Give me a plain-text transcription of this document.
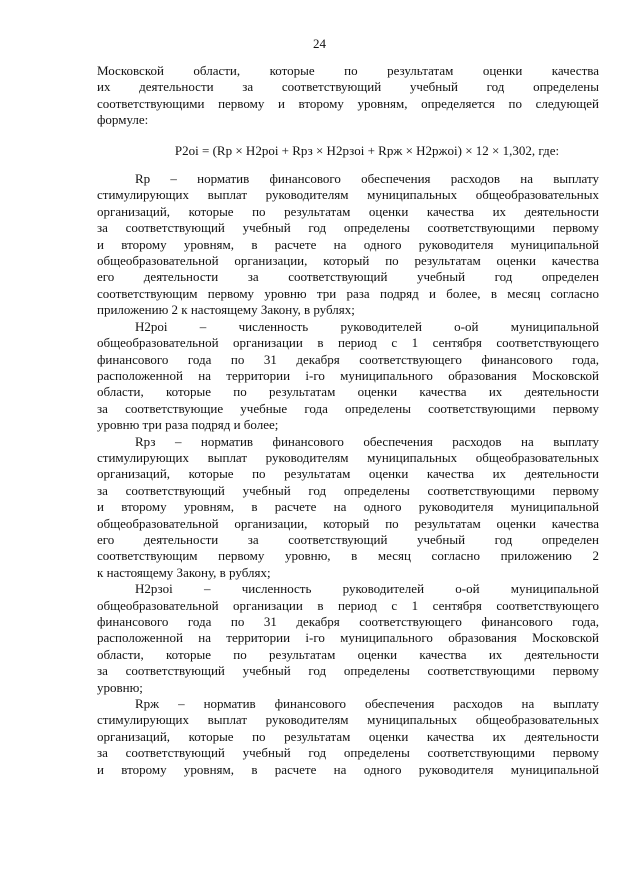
24
Московской области, которые по результатам оценки качества
их деятельности за соответствующий учебный год определены
соответствующими первому и второму уровням, определяется по следующей
формуле:
Р2оi = (Rр × Н2рoi + Rрз × Н2рзoi + Rрж × Н2ржoi) × 12 × 1,302, где:
Rр – норматив финансового обеспечения расходов на выплату
стимулирующих выплат руководителям муниципальных общеобразовательных
организаций, которые по результатам оценки качества их деятельности
за соответствующий учебный год определены соответствующими первому
и второму уровням, в расчете на одного руководителя муниципальной
общеобразовательной организации, который по результатам оценки качества
его деятельности за соответствующий учебный год определен
соответствующим первому уровню три раза подряд и более, в месяц согласно
приложению 2 к настоящему Закону, в рублях;
Н2рoi – численность руководителей о-ой муниципальной
общеобразовательной организации в период с 1 сентября соответствующего
финансового года по 31 декабря соответствующего финансового года,
расположенной на территории i-го муниципального образования Московской
области, которые по результатам оценки качества их деятельности
за соответствующие учебные года определены соответствующими первому
уровню три раза подряд и более;
Rрз – норматив финансового обеспечения расходов на выплату
стимулирующих выплат руководителям муниципальных общеобразовательных
организаций, которые по результатам оценки качества их деятельности
за соответствующий учебный год определены соответствующими первому
и второму уровням, в расчете на одного руководителя муниципальной
общеобразовательной организации, который по результатам оценки качества
его деятельности за соответствующий учебный год определен
соответствующим первому уровню, в месяц согласно приложению 2
к настоящему Закону, в рублях;
Н2рзoi – численность руководителей о-ой муниципальной
общеобразовательной организации в период с 1 сентября соответствующего
финансового года по 31 декабря соответствующего финансового года,
расположенной на территории i-го муниципального образования Московской
области, которые по результатам оценки качества их деятельности
за соответствующий учебный год определены соответствующими первому
уровню;
Rрж – норматив финансового обеспечения расходов на выплату
стимулирующих выплат руководителям муниципальных общеобразовательных
организаций, которые по результатам оценки качества их деятельности
за соответствующий учебный год определены соответствующими первому
и второму уровням, в расчете на одного руководителя муниципальной
